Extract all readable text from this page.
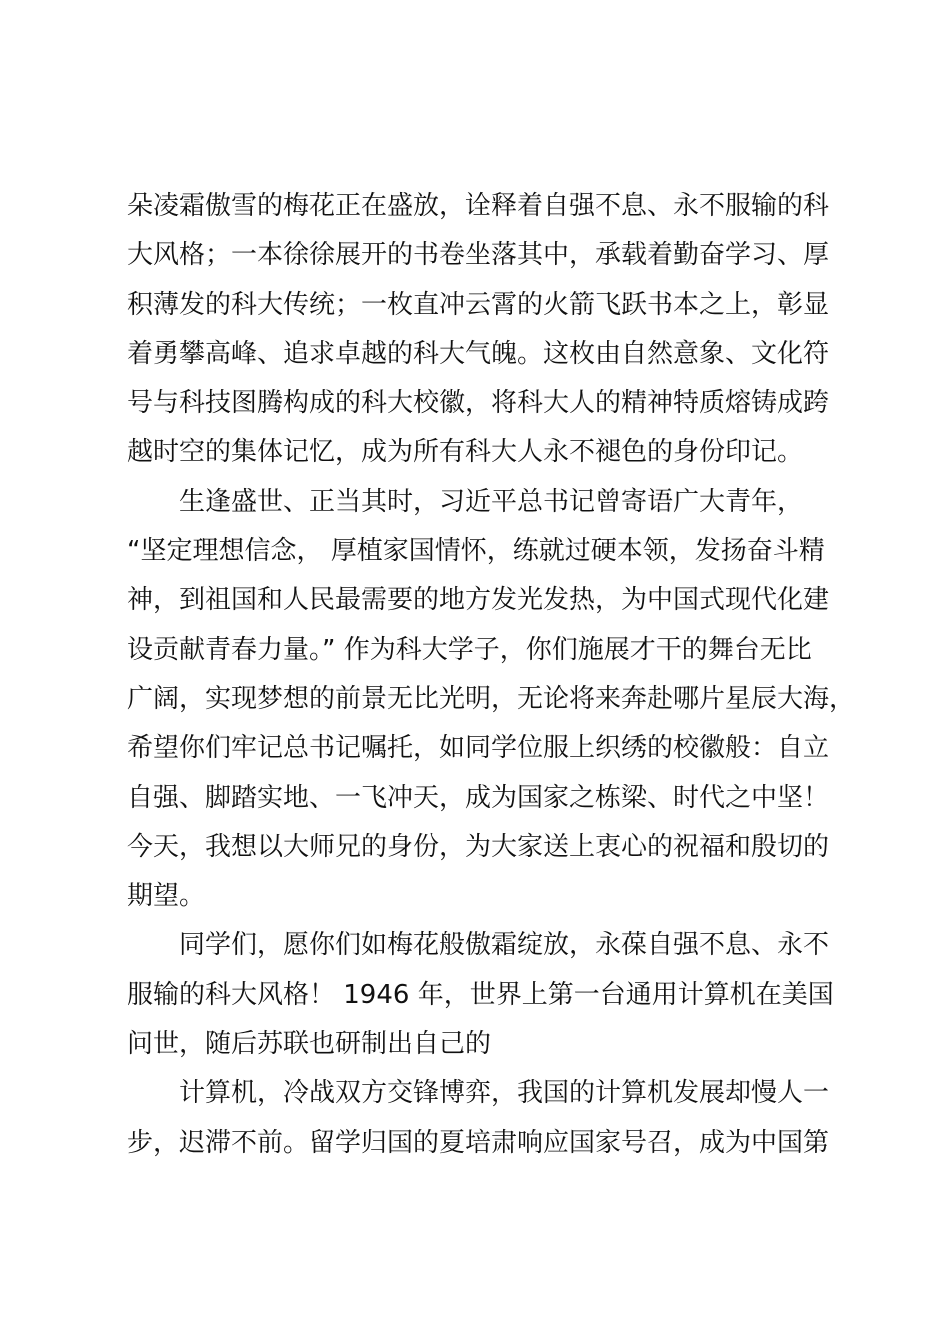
朵凌霜傲雪的梅花正在盛放，诠释着自强不息、永不服输的科
大风格；一本徐徐展开的书卷坐落其中，承载着勤奋学习、厚
积薄发的科大传统；一枚直冲云霄的火箭飞跃书本之上，彰显
着勇攀高峰、追求卓越的科大气魄。这枚由自然意象、文化符
号与科技图腾构成的科大校徽，将科大人的精神特质熔铸成跨
越时空的集体记忆，成为所有科大人永不褪色的身份印记。
生逢盛世、正当其时，习近平总书记曾寄语广大青年，
“坚定理想信念， 厚植家国情怀，练就过硬本领，发扬奋斗精
神，到祖国和人民最需要的地方发光发热，为中国式现代化建
设贡献青春力量。” 作为科大学子，你们施展才干的舞台无比
广阔，实现梦想的前景无比光明，无论将来奔赴哪片星辰大海，
希望你们牢记总书记嘱托，如同学位服上织绣的校徽般：自立
自强、脚踏实地、一飞冲天，成为国家之栋梁、时代之中坚！
今天，我想以大师兄的身份，为大家送上衷心的祝福和殷切的
期望。
同学们，愿你们如梅花般傲霜绽放，永葆自强不息、永不
服输的科大风格！ 1946 年，世界上第一台通用计算机在美国
问世，随后苏联也研制出自己的
计算机，冷战双方交锋博弈，我国的计算机发展却慢人一
步，迟滞不前。留学归国的夏培肃响应国家号召，成为中国第
